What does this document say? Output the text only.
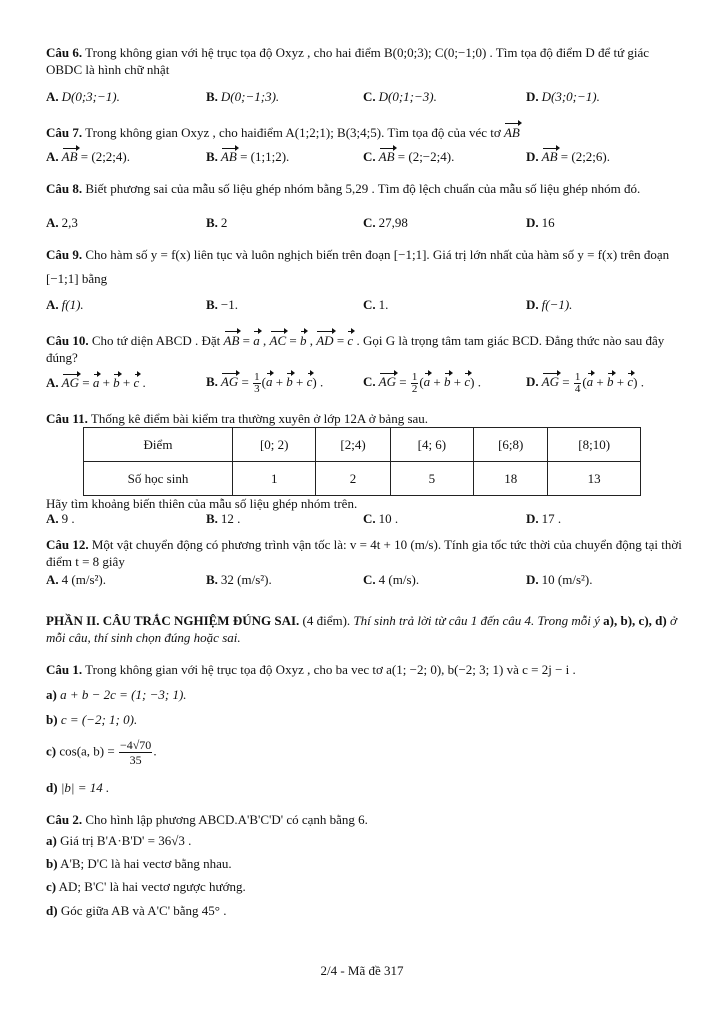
Câu 6. Trong không gian với hệ trục tọa độ Oxyz , cho hai điểm B(0;0;3); C(0;−1;0) . Tìm tọa độ điểm D để tứ giác OBDC là hình chữ nhật
A. D(0;3;−1).	B. D(0;−1;3).	C. D(0;1;−3).	D. D(3;0;−1).
Câu 7. Trong không gian Oxyz , cho haiđiểm A(1;2;1); B(3;4;5). Tìm tọa độ của véc tơ AB
A. AB = (2;2;4).	B. AB = (1;1;2).	C. AB = (2;−2;4).	D. AB = (2;2;6).
Câu 8. Biết phương sai của mẫu số liệu ghép nhóm bằng 5,29 . Tìm độ lệch chuẩn của mẫu số liệu ghép nhóm đó.
A. 2,3	B. 2	C. 27,98	D. 16
Câu 9. Cho hàm số y = f(x) liên tục và luôn nghịch biến trên đoạn [−1;1]. Giá trị lớn nhất của hàm số y = f(x) trên đoạn [−1;1] bằng
A. f(1).	B. −1.	C. 1.	D. f(−1).
Câu 10. Cho tứ diện ABCD . Đặt AB = a , AC = b , AD = c . Gọi G là trọng tâm tam giác BCD. Đẳng thức nào sau đây đúng?
A. AG = a + b + c .	B. AG = $\frac{1}{3} (a + b + c)$ .	C. AG = $\frac{1}{2} (a + b + c)$ .	D. AG = $\frac{1}{4} (a + b + c)$ .
Câu 11. Thống kê điểm bài kiểm tra thường xuyên ở lớp 12A ở bảng sau.
Điểm	[0; 2)	[2;4)	[4; 6)	[6;8)	[8;10)
Số học sinh	1	2	5	18	13
Hãy tìm khoảng biến thiên của mẫu số liệu ghép nhóm trên.
A. 9 .	B. 12 .	C. 10 .	D. 17 .
Câu 12. Một vật chuyển động có phương trình vận tốc là: v = 4t + 10 (m/s). Tính gia tốc tức thời của chuyển động tại thời điểm t = 8 giây
A. 4 (m/s²).	B. 32 (m/s²).	C. 4 (m/s).	D. 10 (m/s²).
PHẦN II. CÂU TRẮC NGHIỆM ĐÚNG SAI. (4 điểm). Thí sinh trả lời từ câu 1 đến câu 4. Trong mỗi ý a), b), c), d) ở mỗi câu, thí sinh chọn đúng hoặc sai.
Câu 1. Trong không gian với hệ trục tọa độ Oxyz , cho ba vec tơ a(1; −2; 0), b(−2; 3; 1) và c = 2j − i .
a) a + b − 2c = (1; −3; 1).
b) c = (−2; 1; 0).
c) cos(a, $b) = \frac{-4√70}{35}$ .
d) |b| = 14 .
Câu 2. Cho hình lập phương ABCD.A'B'C'D' có cạnh bằng 6.
a) Giá trị B'A·B'D' = 36√3 .
b) A'B; D'C là hai vectơ bằng nhau.
c) AD; B'C' là hai vectơ ngược hướng.
d) Góc giữa AB và A'C' bằng 45° .
2/4 - Mã đề 317
